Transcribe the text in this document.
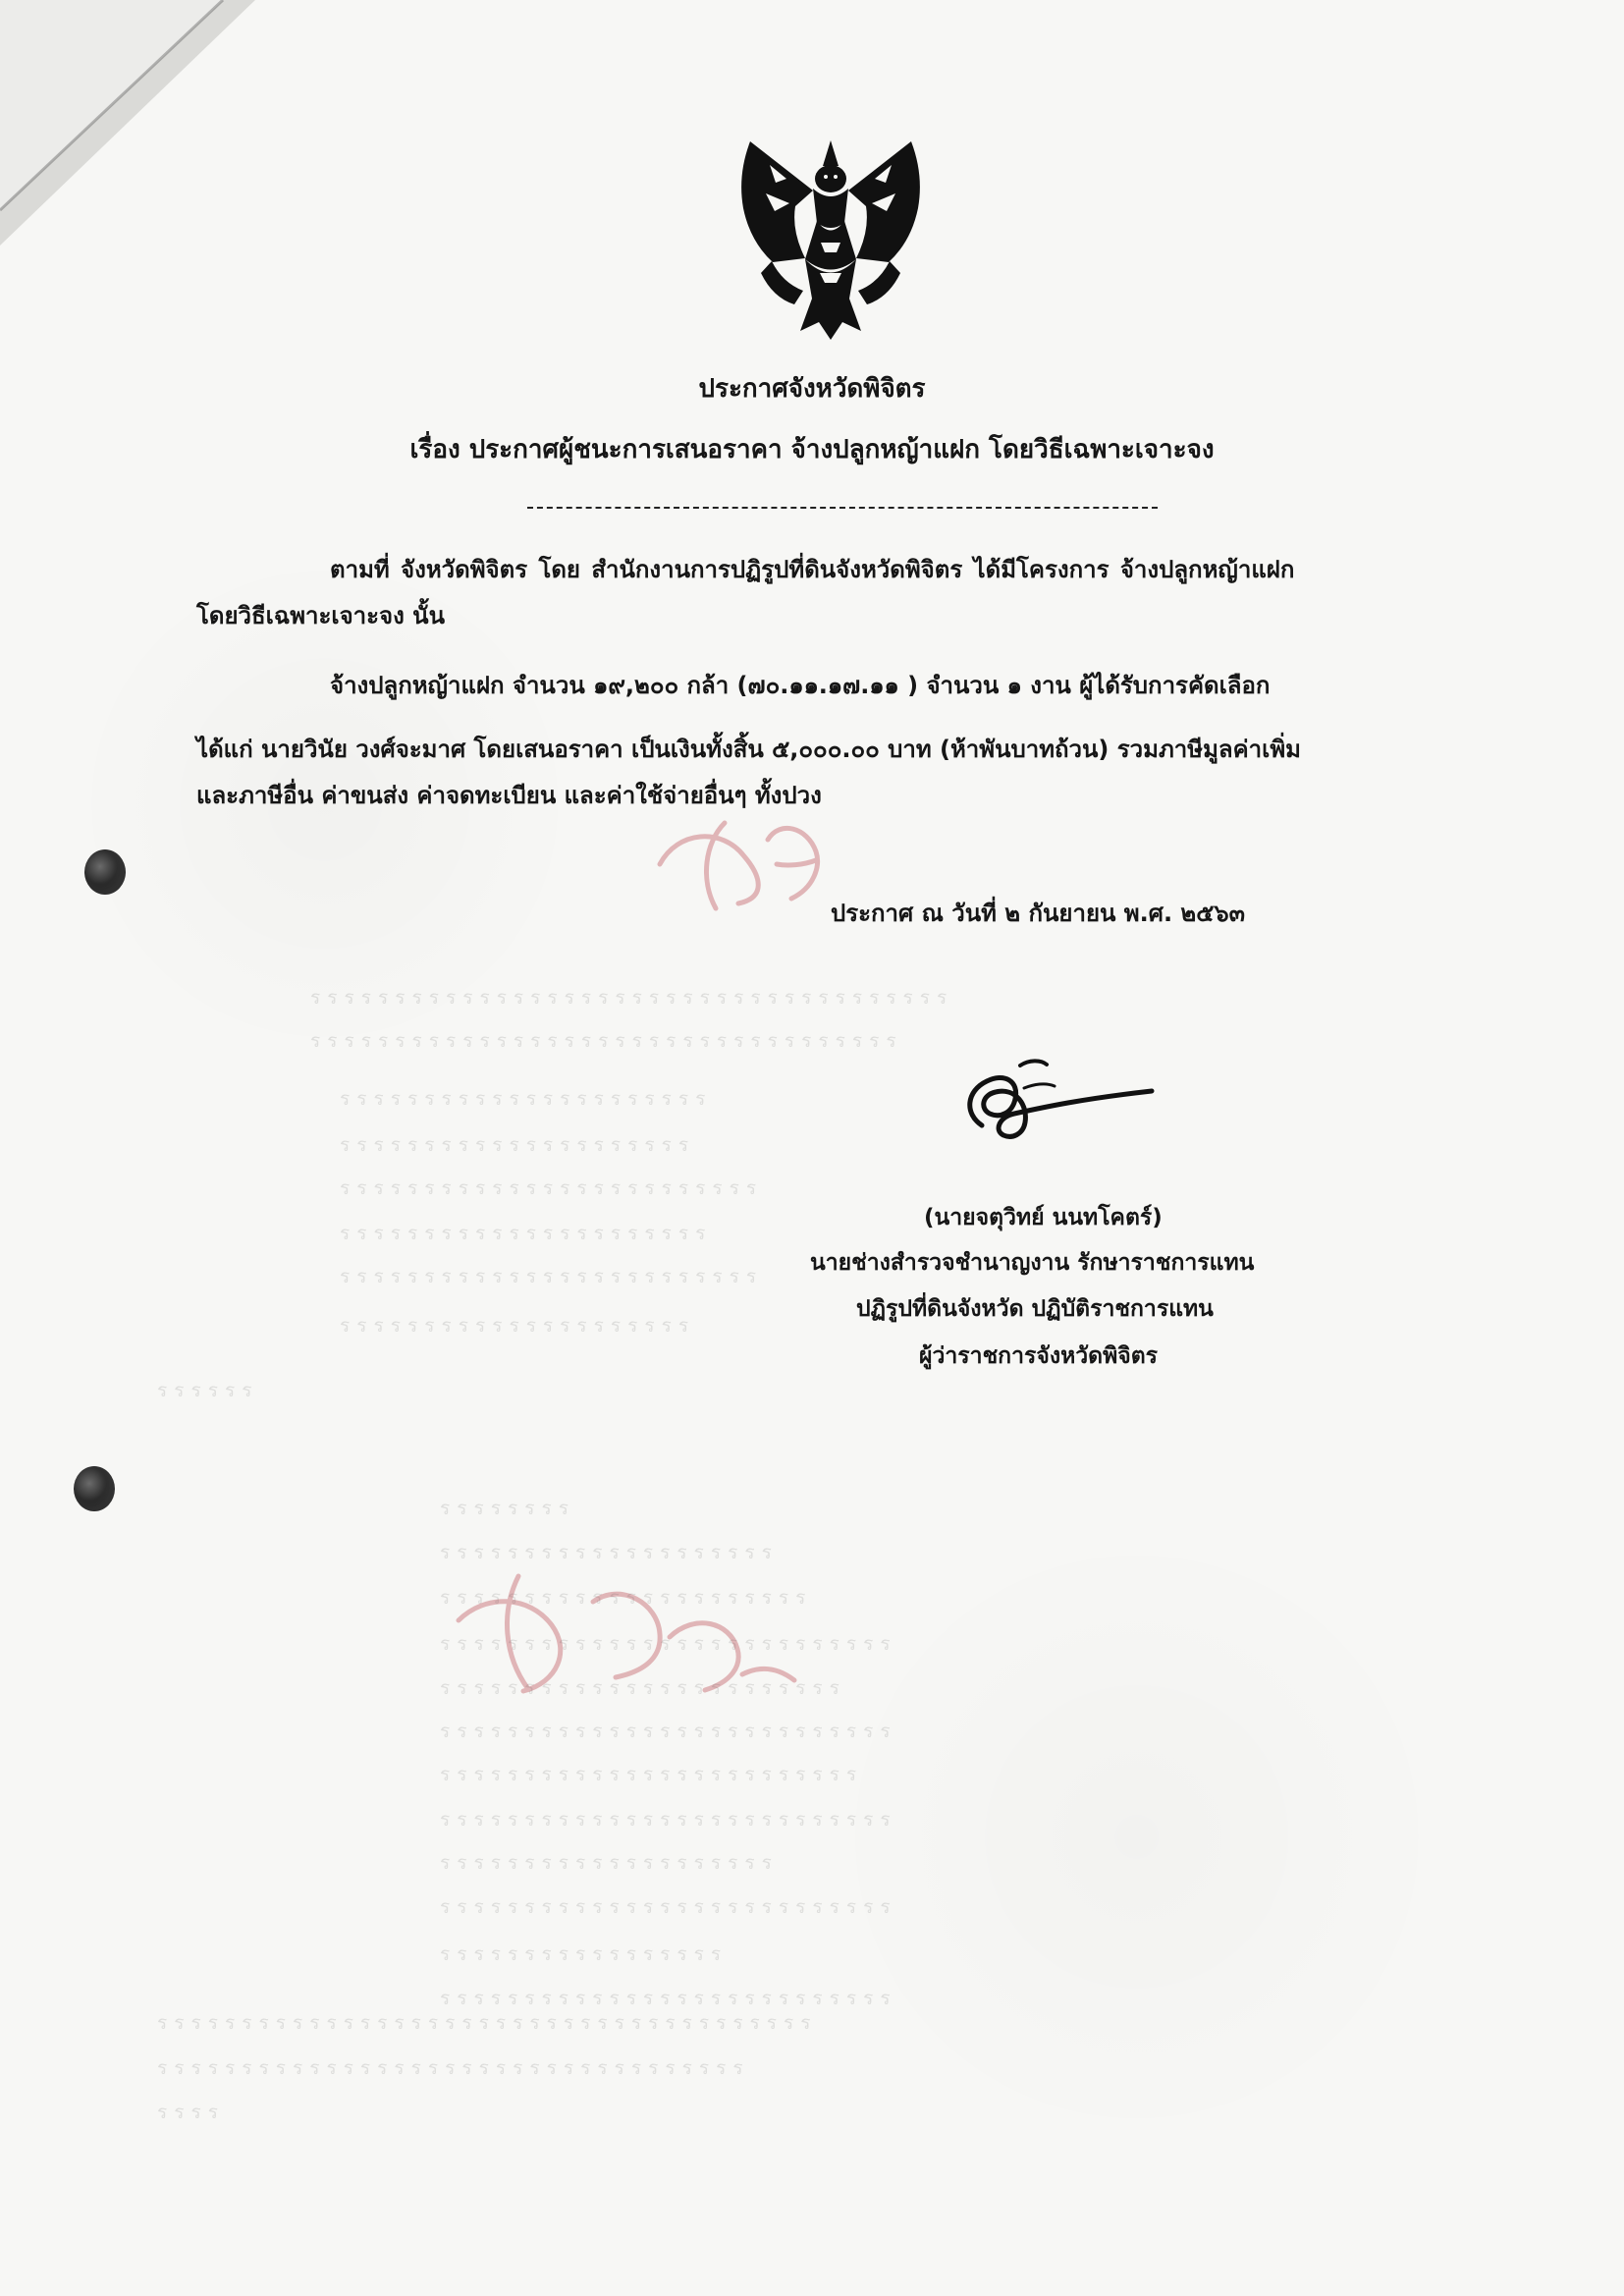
ประกาศจังหวัดพิจิตร

เรื่อง ประกาศผู้ชนะการเสนอราคา จ้างปลูกหญ้าแฝก โดยวิธีเฉพาะเจาะจง

ตามที่ จังหวัดพิจิตร โดย สำนักงานการปฏิรูปที่ดินจังหวัดพิจิตร ได้มีโครงการ จ้างปลูกหญ้าแฝก

โดยวิธีเฉพาะเจาะจง นั้น

จ้างปลูกหญ้าแฝก จำนวน ๑๙,๒๐๐ กล้า (๗๐.๑๑.๑๗.๑๑ ) จำนวน ๑ งาน ผู้ได้รับการคัดเลือก

ได้แก่ นายวินัย วงศ์จะมาศ โดยเสนอราคา เป็นเงินทั้งสิ้น ๕,๐๐๐.๐๐ บาท (ห้าพันบาทถ้วน) รวมภาษีมูลค่าเพิ่ม

และภาษีอื่น ค่าขนส่ง ค่าจดทะเบียน และค่าใช้จ่ายอื่นๆ ทั้งปวง

ประกาศ ณ วันที่ ๒ กันยายน พ.ศ. ๒๕๖๓

(นายจตุวิทย์ นนทโคตร์)

นายช่างสำรวจชำนาญงาน รักษาราชการแทน

ปฏิรูปที่ดินจังหวัด ปฏิบัติราชการแทน

ผู้ว่าราชการจังหวัดพิจิตร

ร ร ร ร ร ร ร ร ร ร ร ร ร ร ร ร ร ร ร ร ร ร ร ร ร ร ร ร ร ร ร ร ร ร ร ร ร ร
ร ร ร ร ร ร ร ร ร ร ร ร ร ร ร ร ร ร ร ร ร ร ร ร ร ร ร ร ร ร ร ร ร ร ร
ร ร ร ร ร ร ร ร ร ร ร ร ร ร ร ร ร ร ร ร ร ร
ร ร ร ร ร ร ร ร ร ร ร ร ร ร ร ร ร ร ร ร ร
ร ร ร ร ร ร ร ร ร ร ร ร ร ร ร ร ร ร ร ร ร ร ร ร ร
ร ร ร ร ร ร ร ร ร ร ร ร ร ร ร ร ร ร ร ร ร ร
ร ร ร ร ร ร ร ร ร ร ร ร ร ร ร ร ร ร ร ร ร ร ร ร ร
ร ร ร ร ร ร ร ร ร ร ร ร ร ร ร ร ร ร ร ร ร
ร ร ร ร ร ร
ร ร ร ร ร ร ร ร
ร ร ร ร ร ร ร ร ร ร ร ร ร ร ร ร ร ร ร ร
ร ร ร ร ร ร ร ร ร ร ร ร ร ร ร ร ร ร ร ร ร ร
ร ร ร ร ร ร ร ร ร ร ร ร ร ร ร ร ร ร ร ร ร ร ร ร ร ร ร
ร ร ร ร ร ร ร ร ร ร ร ร ร ร ร ร ร ร ร ร ร ร ร ร
ร ร ร ร ร ร ร ร ร ร ร ร ร ร ร ร ร ร ร ร ร ร ร ร ร ร ร
ร ร ร ร ร ร ร ร ร ร ร ร ร ร ร ร ร ร ร ร ร ร ร ร ร
ร ร ร ร ร ร ร ร ร ร ร ร ร ร ร ร ร ร ร ร ร ร ร ร ร ร ร
ร ร ร ร ร ร ร ร ร ร ร ร ร ร ร ร ร ร ร ร
ร ร ร ร ร ร ร ร ร ร ร ร ร ร ร ร ร ร ร ร ร ร ร ร ร ร ร
ร ร ร ร ร ร ร ร ร ร ร ร ร ร ร ร ร
ร ร ร ร ร ร ร ร ร ร ร ร ร ร ร ร ร ร ร ร ร ร ร ร ร ร ร
ร ร ร ร ร ร ร ร ร ร ร ร ร ร ร ร ร ร ร ร ร ร ร ร ร ร ร ร ร ร ร ร ร ร ร ร ร ร ร
ร ร ร ร ร ร ร ร ร ร ร ร ร ร ร ร ร ร ร ร ร ร ร ร ร ร ร ร ร ร ร ร ร ร ร
ร ร ร ร
